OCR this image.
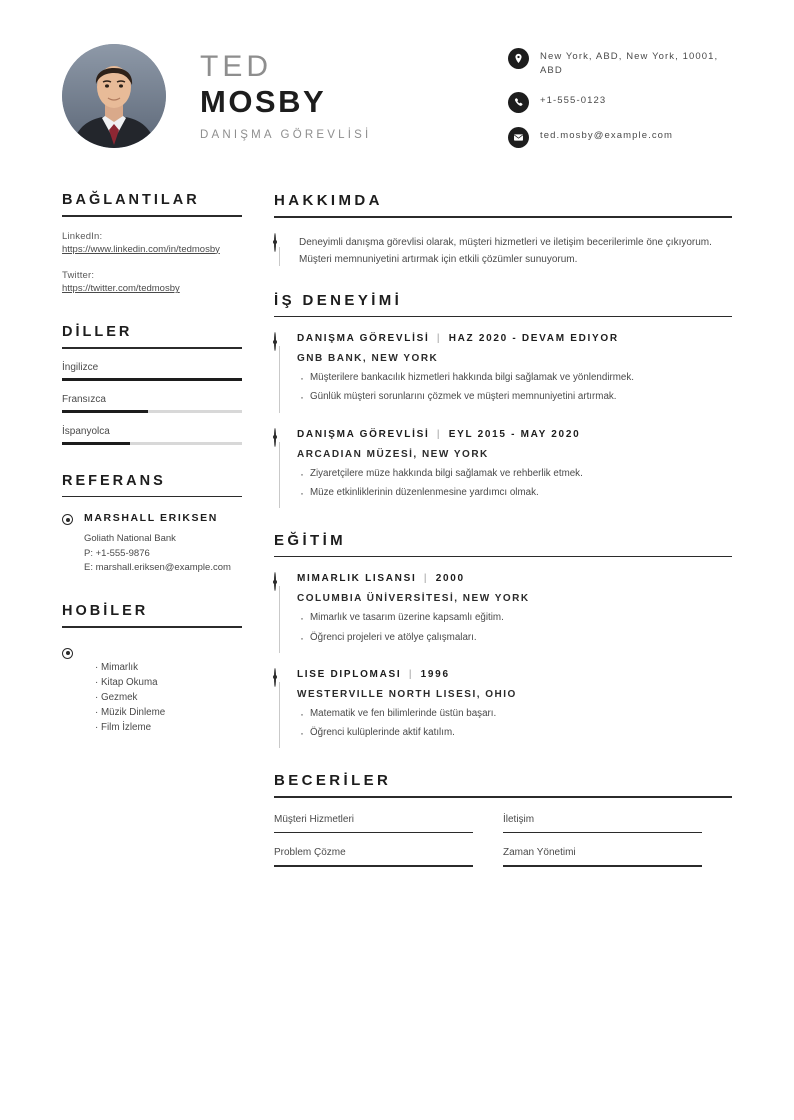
TED
MOSBY
DANIŞMA GÖREVLİSİ
New York, ABD, New York, 10001, ABD
+1-555-0123
ted.mosby@example.com
BAĞLANTILAR
LinkedIn:
https://www.linkedin.com/in/tedmosby
Twitter:
https://twitter.com/tedmosby
DİLLER
İngilizce
Fransızca
İspanyolca
REFERANS
MARSHALL ERIKSEN
Goliath National Bank
P: +1-555-9876
E: marshall.eriksen@example.com
HOBİLER
· Mimarlık
· Kitap Okuma
· Gezmek
· Müzik Dinleme
· Film İzleme
HAKKIMDA
Deneyimli danışma görevlisi olarak, müşteri hizmetleri ve iletişim becerilerimle öne çıkıyorum. Müşteri memnuniyetini artırmak için etkili çözümler sunuyorum.
İŞ DENEYİMİ
DANIŞMA GÖREVLİSİ | HAZ 2020 - DEVAM EDIYOR
GNB BANK, NEW YORK
· Müşterilere bankacılık hizmetleri hakkında bilgi sağlamak ve yönlendirmek.
· Günlük müşteri sorunlarını çözmek ve müşteri memnuniyetini artırmak.
DANIŞMA GÖREVLİSİ | EYL 2015 - MAY 2020
ARCADIAN MÜZESİ, NEW YORK
· Ziyaretçilere müze hakkında bilgi sağlamak ve rehberlik etmek.
· Müze etkinliklerinin düzenlenmesine yardımcı olmak.
EĞİTİM
MIMARLIK LISANSI | 2000
COLUMBIA ÜNİVERSİTESİ, NEW YORK
· Mimarlık ve tasarım üzerine kapsamlı eğitim.
· Öğrenci projeleri ve atölye çalışmaları.
LISE DIPLOMASI | 1996
WESTERVILLE NORTH LISESI, OHIO
· Matematik ve fen bilimlerinde üstün başarı.
· Öğrenci kulüplerinde aktif katılım.
BECERİLER
Müşteri Hizmetleri	İletişim
Problem Çözme	Zaman Yönetimi
